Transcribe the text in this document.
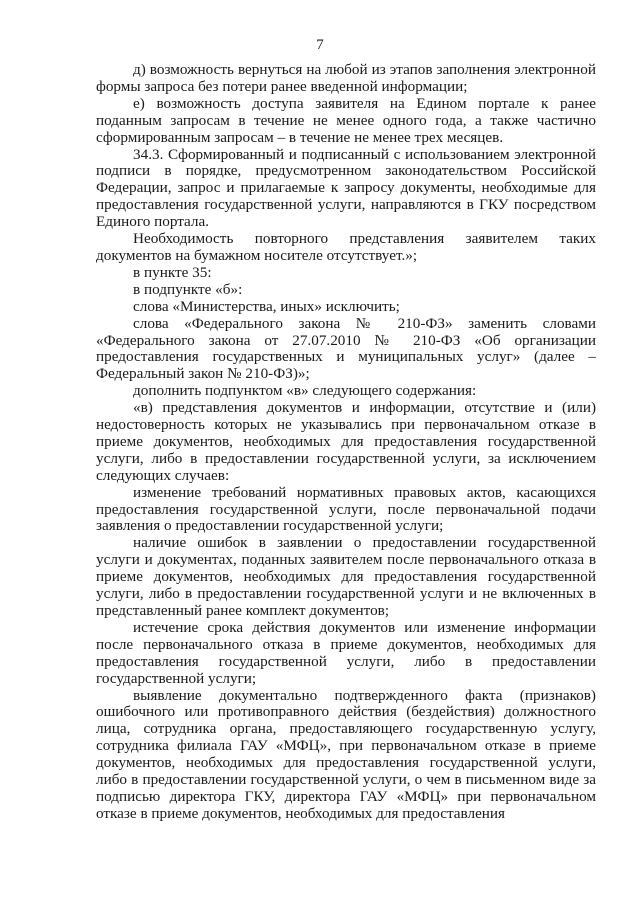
7

д) возможность вернуться на любой из этапов заполнения электронной формы запроса без потери ранее введенной информации;

е) возможность доступа заявителя на Едином портале к ранее поданным запросам в течение не менее одного года, а также частично сформированным запросам – в течение не менее трех месяцев.

34.3. Сформированный и подписанный с использованием электронной подписи в порядке, предусмотренном законодательством Российской Федерации, запрос и прилагаемые к запросу документы, необходимые для предоставления государственной услуги, направляются в ГКУ посредством Единого портала.

Необходимость повторного представления заявителем таких документов на бумажном носителе отсутствует.»;

в пункте 35:

в подпункте «б»:

слова «Министерства, иных» исключить;

слова «Федерального закона № 210-ФЗ» заменить словами «Федерального закона от 27.07.2010 № 210-ФЗ «Об организации предоставления государственных и муниципальных услуг» (далее – Федеральный закон № 210-ФЗ)»;

дополнить подпунктом «в» следующего содержания:

«в) представления документов и информации, отсутствие и (или) недостоверность которых не указывались при первоначальном отказе в приеме документов, необходимых для предоставления государственной услуги, либо в предоставлении государственной услуги, за исключением следующих случаев:

изменение требований нормативных правовых актов, касающихся предоставления государственной услуги, после первоначальной подачи заявления о предоставлении государственной услуги;

наличие ошибок в заявлении о предоставлении государственной услуги и документах, поданных заявителем после первоначального отказа в приеме документов, необходимых для предоставления государственной услуги, либо в предоставлении государственной услуги и не включенных в представленный ранее комплект документов;

истечение срока действия документов или изменение информации после первоначального отказа в приеме документов, необходимых для предоставления государственной услуги, либо в предоставлении государственной услуги;

выявление документально подтвержденного факта (признаков) ошибочного или противоправного действия (бездействия) должностного лица, сотрудника органа, предоставляющего государственную услугу, сотрудника филиала ГАУ «МФЦ», при первоначальном отказе в приеме документов, необходимых для предоставления государственной услуги, либо в предоставлении государственной услуги, о чем в письменном виде за подписью директора ГКУ, директора ГАУ «МФЦ» при первоначальном отказе в приеме документов, необходимых для предоставления
